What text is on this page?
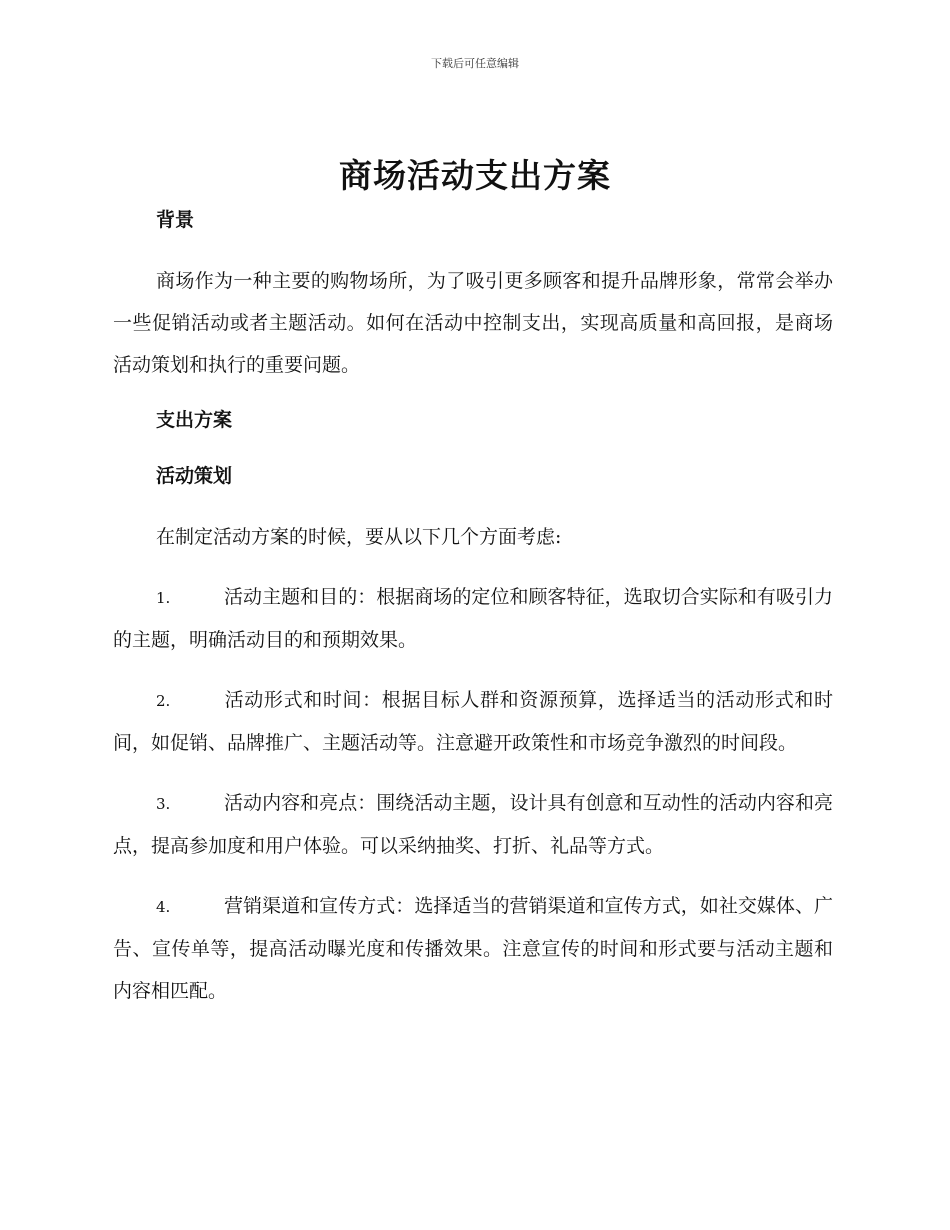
下载后可任意编辑
商场活动支出方案

背景

商场作为一种主要的购物场所，为了吸引更多顾客和提升品牌形象，常常会举办一些促销活动或者主题活动。如何在活动中控制支出，实现高质量和高回报，是商场活动策划和执行的重要问题。

支出方案

活动策划

在制定活动方案的时候，要从以下几个方面考虑:

1.	活动主题和目的：根据商场的定位和顾客特征，选取切合实际和有吸引力的主题，明确活动目的和预期效果。

2.	活动形式和时间：根据目标人群和资源预算，选择适当的活动形式和时间，如促销、品牌推广、主题活动等。注意避开政策性和市场竞争激烈的时间段。

3.	活动内容和亮点：围绕活动主题，设计具有创意和互动性的活动内容和亮点，提高参加度和用户体验。可以采纳抽奖、打折、礼品等方式。

4.	营销渠道和宣传方式：选择适当的营销渠道和宣传方式，如社交媒体、广告、宣传单等，提高活动曝光度和传播效果。注意宣传的时间和形式要与活动主题和内容相匹配。
